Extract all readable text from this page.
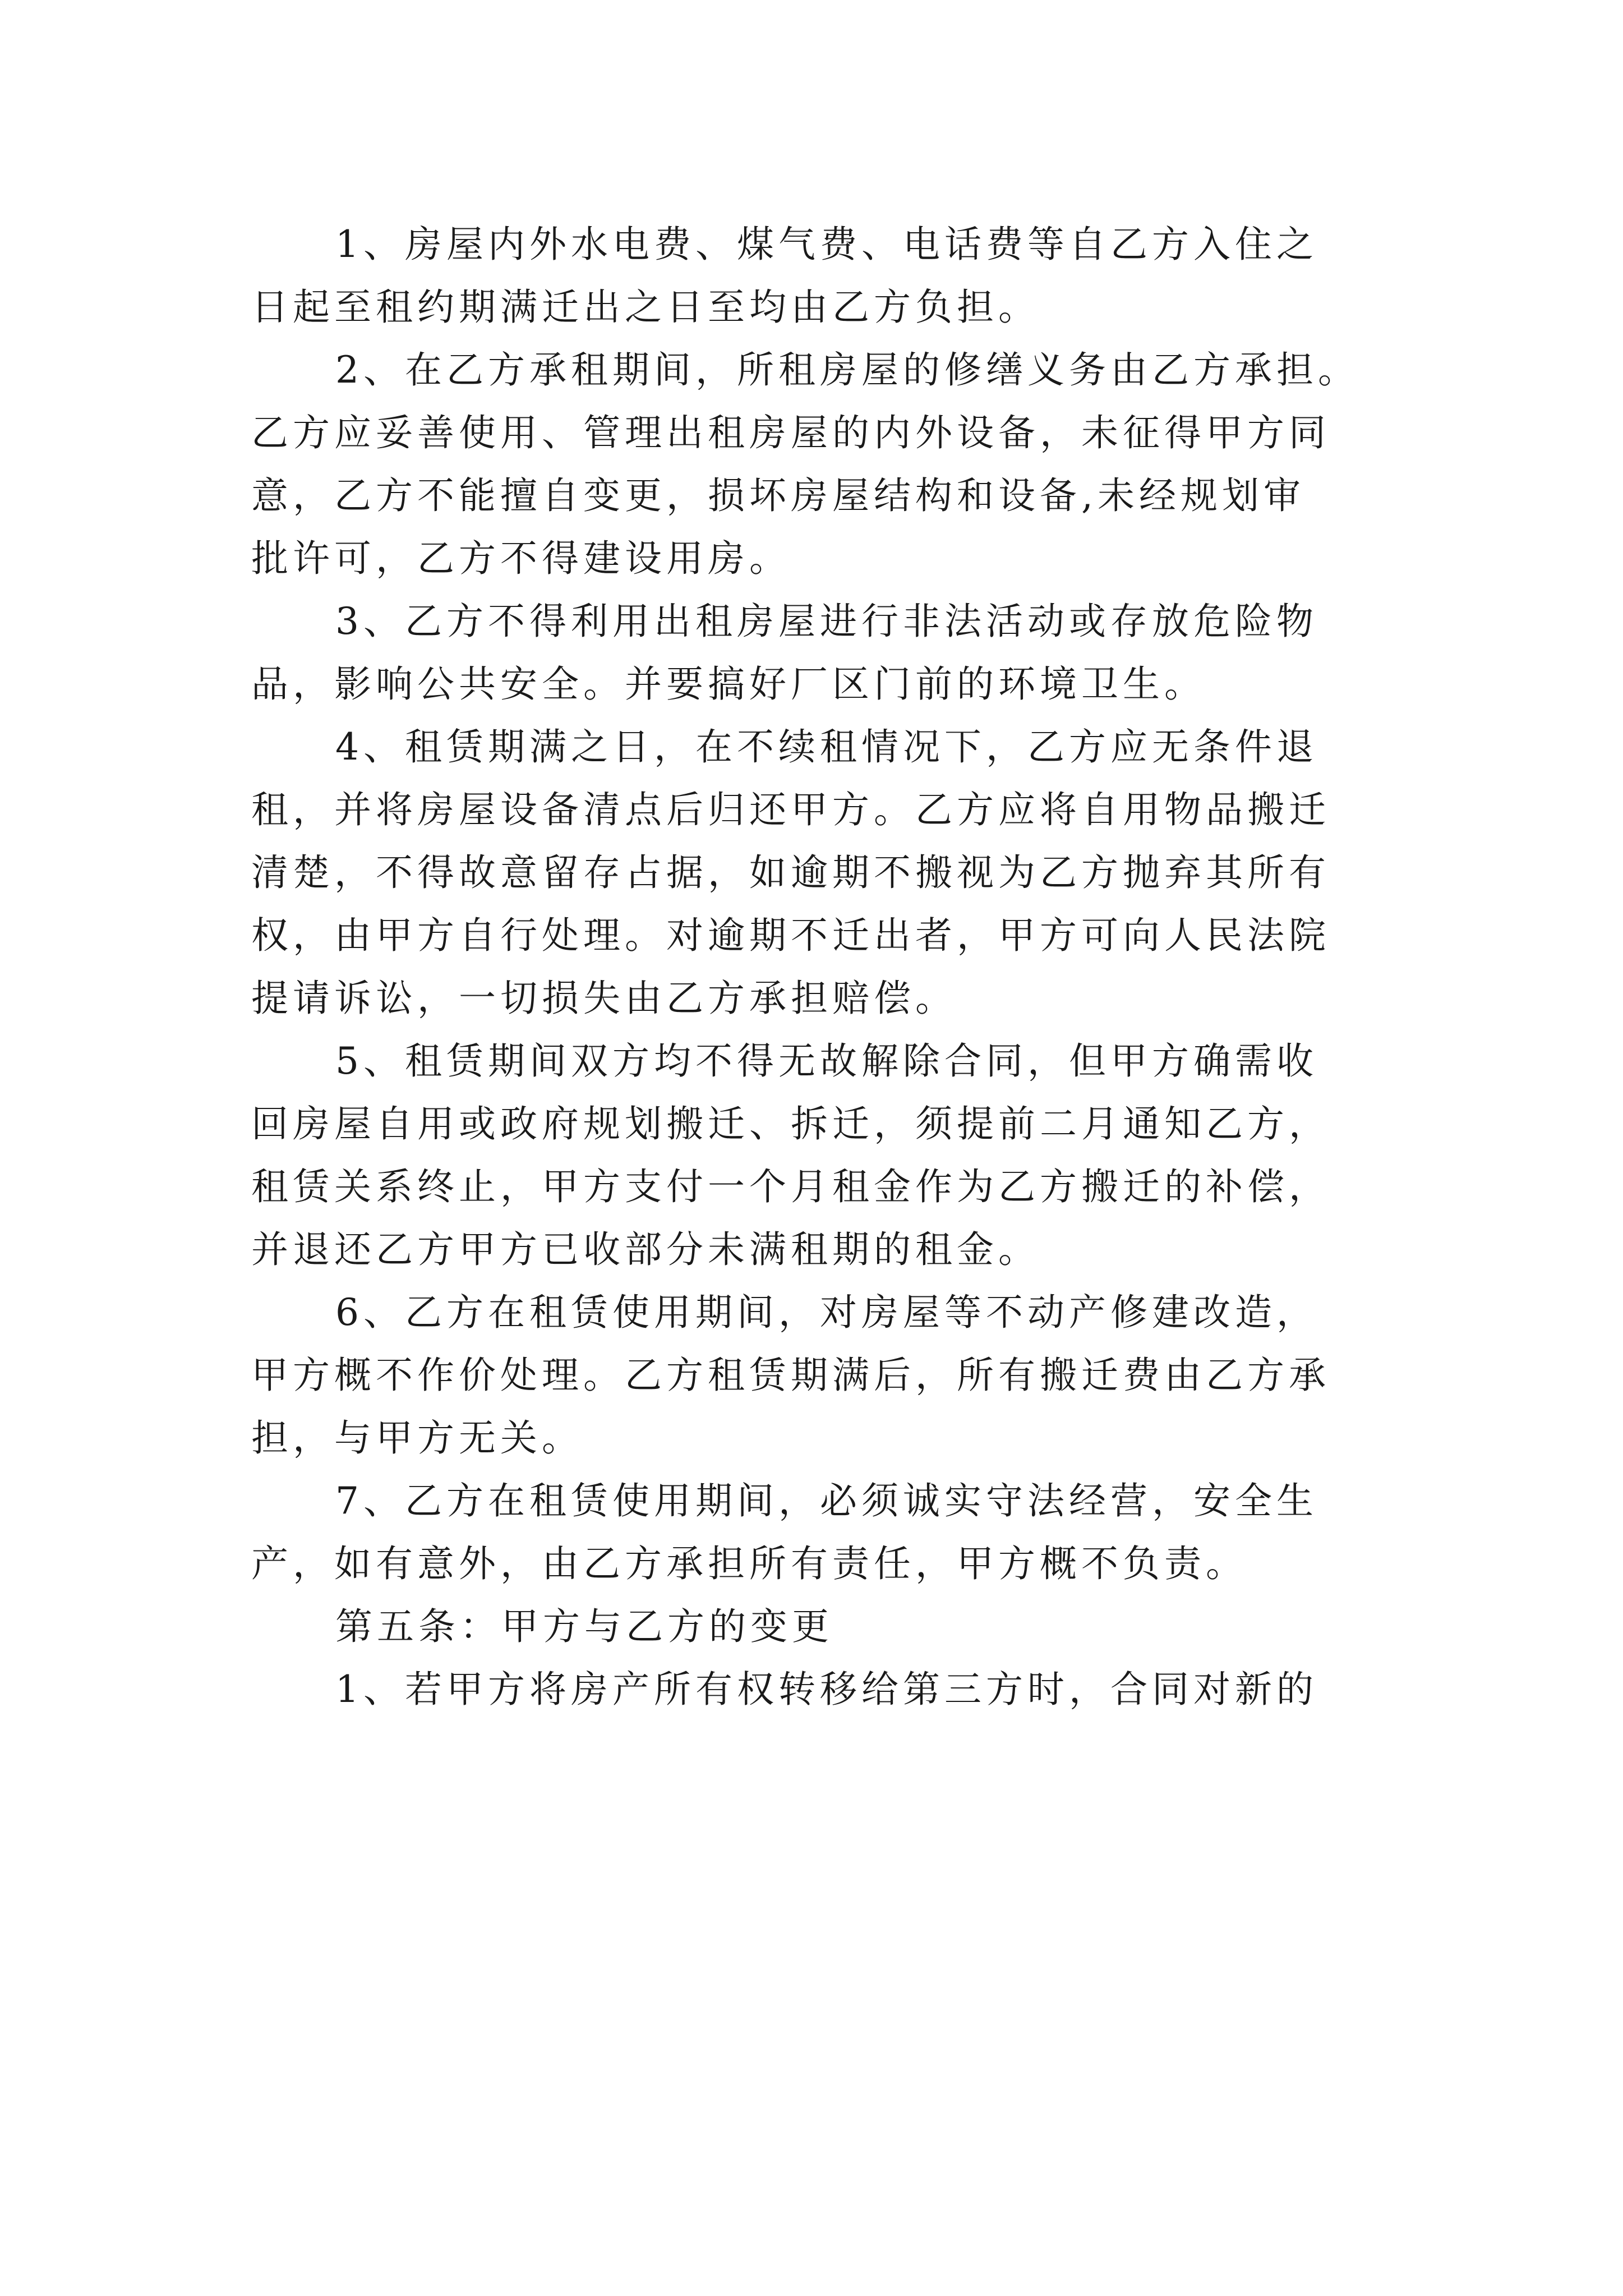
1、房屋内外水电费、煤气费、电话费等自乙方入住之
日起至租约期满迁出之日至均由乙方负担。
2、在乙方承租期间，所租房屋的修缮义务由乙方承担。
乙方应妥善使用、管理出租房屋的内外设备，未征得甲方同
意，乙方不能擅自变更，损坏房屋结构和设备,未经规划审
批许可，乙方不得建设用房。
3、乙方不得利用出租房屋进行非法活动或存放危险物
品，影响公共安全。并要搞好厂区门前的环境卫生。
4、租赁期满之日，在不续租情况下，乙方应无条件退
租，并将房屋设备清点后归还甲方。乙方应将自用物品搬迁
清楚，不得故意留存占据，如逾期不搬视为乙方抛弃其所有
权，由甲方自行处理。对逾期不迁出者，甲方可向人民法院
提请诉讼，一切损失由乙方承担赔偿。
5、租赁期间双方均不得无故解除合同，但甲方确需收
回房屋自用或政府规划搬迁、拆迁，须提前二月通知乙方，
租赁关系终止，甲方支付一个月租金作为乙方搬迁的补偿，
并退还乙方甲方已收部分未满租期的租金。
6、乙方在租赁使用期间，对房屋等不动产修建改造，
甲方概不作价处理。乙方租赁期满后，所有搬迁费由乙方承
担，与甲方无关。
7、乙方在租赁使用期间，必须诚实守法经营，安全生
产，如有意外，由乙方承担所有责任，甲方概不负责。
第五条：甲方与乙方的变更
1、若甲方将房产所有权转移给第三方时，合同对新的
